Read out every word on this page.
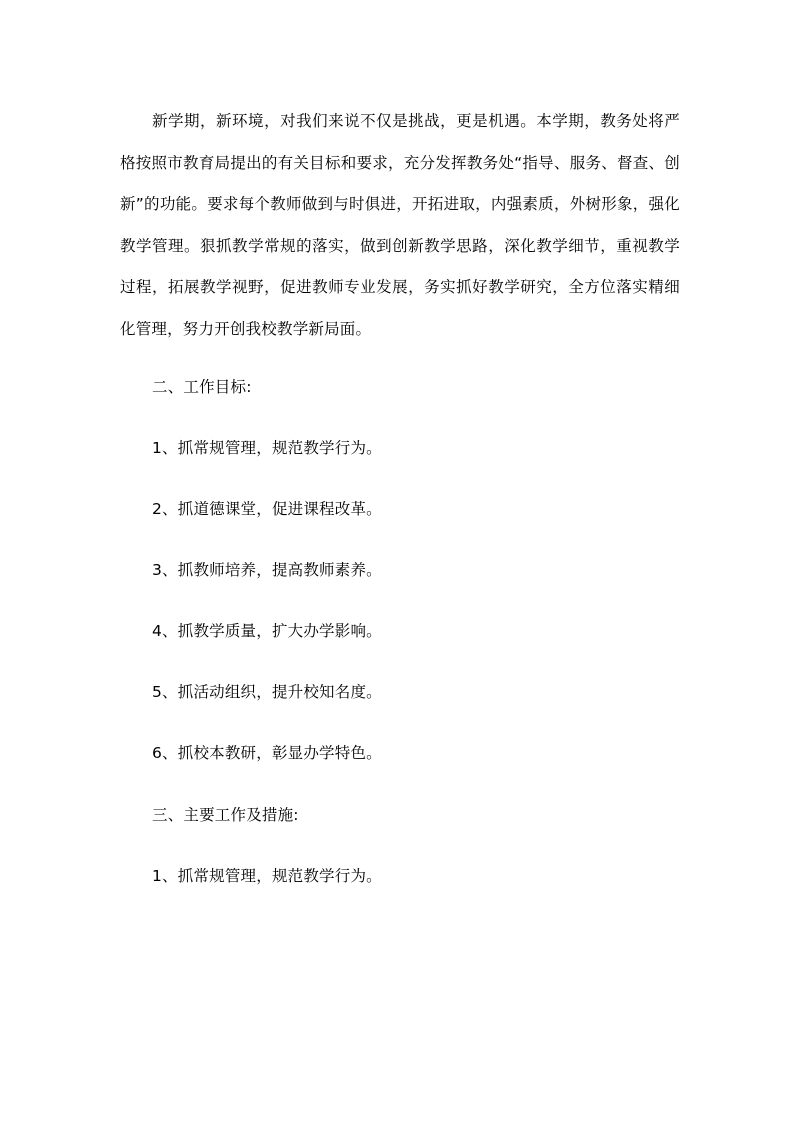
新学期，新环境，对我们来说不仅是挑战，更是机遇。本学期，教务处将严格按照市教育局提出的有关目标和要求，充分发挥教务处“指导、服务、督查、创新”的功能。要求每个教师做到与时俱进，开拓进取，内强素质，外树形象，强化教学管理。狠抓教学常规的落实，做到创新教学思路，深化教学细节，重视教学过程，拓展教学视野，促进教师专业发展，务实抓好教学研究，全方位落实精细化管理，努力开创我校教学新局面。

二、工作目标:

1、抓常规管理，规范教学行为。

2、抓道德课堂，促进课程改革。

3、抓教师培养，提高教师素养。

4、抓教学质量，扩大办学影响。

5、抓活动组织，提升校知名度。

6、抓校本教研，彰显办学特色。

三、主要工作及措施:

1、抓常规管理，规范教学行为。
